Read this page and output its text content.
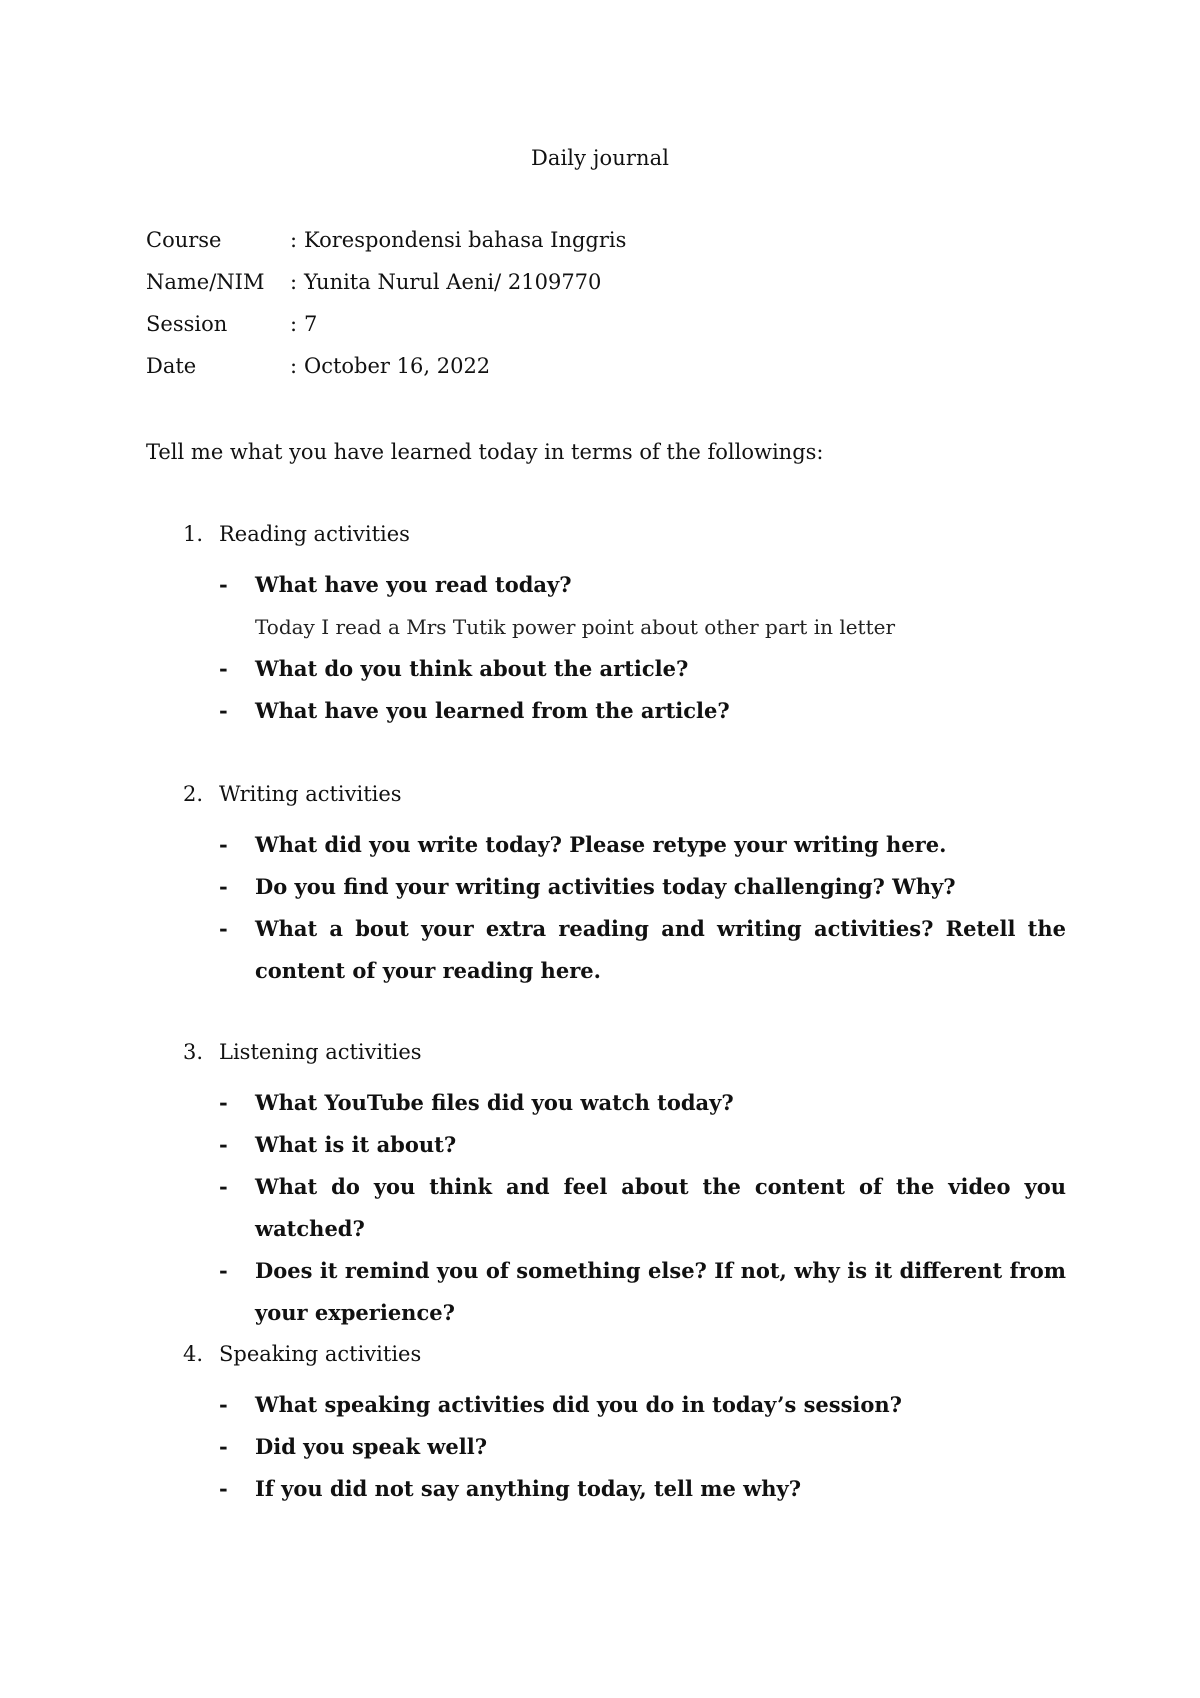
Daily journal
Course	: Korespondensi bahasa Inggris
Name/NIM	: Yunita Nurul Aeni/ 2109770
Session	: 7
Date	: October 16, 2022
Tell me what you have learned today in terms of the followings:
1. Reading activities
-	What have you read today?
Today I read a Mrs Tutik power point about other part in letter
-	What do you think about the article?
-	What have you learned from the article?
2. Writing activities
-	What did you write today? Please retype your writing here.
-	Do you find your writing activities today challenging? Why?
-	What a bout your extra reading and writing activities? Retell the content of your reading here.
3. Listening activities
-	What YouTube files did you watch today?
-	What is it about?
-	What do you think and feel about the content of the video you watched?
-	Does it remind you of something else? If not, why is it different from your experience?
4. Speaking activities
-	What speaking activities did you do in today’s session?
-	Did you speak well?
-	If you did not say anything today, tell me why?
